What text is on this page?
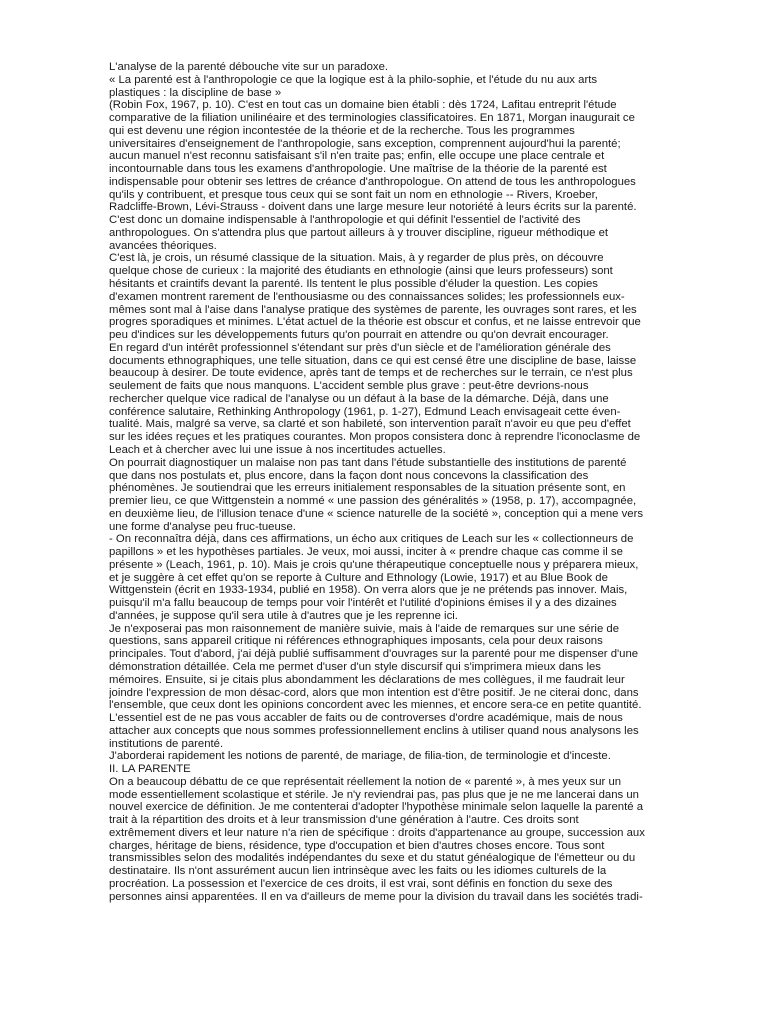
L'analyse de la parenté débouche vite sur un paradoxe.
« La parenté est à l'anthropologie ce que la logique est à la philo-sophie, et l'étude du nu aux arts
plastiques : la discipline de base »
(Robin Fox, 1967, p. 10). C'est en tout cas un domaine bien établi : dès 1724, Lafitau entreprit l'étude
comparative de la filiation unilinéaire et des terminologies classificatoires. En 1871, Morgan inaugurait ce
qui est devenu une région incontestée de la théorie et de la recherche. Tous les programmes
universitaires d'enseignement de l'anthropologie, sans exception, comprennent aujourd'hui la parenté;
aucun manuel n'est reconnu satisfaisant s'il n'en traite pas; enfin, elle occupe une place centrale et
incontournable dans tous les examens d'anthropologie. Une maîtrise de la théorie de la parenté est
indispensable pour obtenir ses lettres de créance d'anthropologue. On attend de tous les anthropologues
qu'ils y contribuent, et presque tous ceux qui se sont fait un nom en ethnologie -- Rivers, Kroeber,
Radcliffe-Brown, Lévi-Strauss - doivent dans une large mesure leur notoriété à leurs écrits sur la parenté.
C'est donc un domaine indispensable à l'anthropologie et qui définit l'essentiel de l'activité des
anthropologues. On s'attendra plus que partout ailleurs à y trouver discipline, rigueur méthodique et
avancées théoriques.
C'est là, je crois, un résumé classique de la situation. Mais, à y regarder de plus près, on découvre
quelque chose de curieux : la majorité des étudiants en ethnologie (ainsi que leurs professeurs) sont
hésitants et craintifs devant la parenté. Ils tentent le plus possible d'éluder la question. Les copies
d'examen montrent rarement de l'enthousiasme ou des connaissances solides; les professionnels eux-
mêmes sont mal à l'aise dans l'analyse pratique des systèmes de parente, les ouvrages sont rares, et les
progres sporadiques et minimes. L'état actuel de la théorie est obscur et confus, et ne laisse entrevoir que
peu d'indices sur les développements futurs qu'on pourrait en attendre ou qu'on devrait encourager.
En regard d'un intérêt professionnel s'étendant sur près d'un siècle et de l'amélioration générale des
documents ethnographiques, une telle situation, dans ce qui est censé être une discipline de base, laisse
beaucoup à desirer. De toute evidence, après tant de temps et de recherches sur le terrain, ce n'est plus
seulement de faits que nous manquons. L'accident semble plus grave : peut-être devrions-nous
rechercher quelque vice radical de l'analyse ou un défaut à la base de la démarche. Déjà, dans une
conférence salutaire, Rethinking Anthropology (1961, p. 1-27), Edmund Leach envisageait cette éven-
tualité. Mais, malgré sa verve, sa clarté et son habileté, son intervention paraît n'avoir eu que peu d'effet
sur les idées reçues et les pratiques courantes. Mon propos consistera donc à reprendre l'iconoclasme de
Leach et à chercher avec lui une issue à nos incertitudes actuelles.
On pourrait diagnostiquer un malaise non pas tant dans l'étude substantielle des institutions de parenté
que dans nos postulats et, plus encore, dans la façon dont nous concevons la classification des
phénomènes. Je soutiendrai que les erreurs initialement responsables de la situation présente sont, en
premier lieu, ce que Wittgenstein a nommé « une passion des généralités » (1958, p. 17), accompagnée,
en deuxième lieu, de l'illusion tenace d'une « science naturelle de la société », conception qui a mene vers
une forme d'analyse peu fruc-tueuse.
- On reconnaîtra déjà, dans ces affirmations, un écho aux critiques de Leach sur les « collectionneurs de
papillons » et les hypothèses partiales. Je veux, moi aussi, inciter à « prendre chaque cas comme il se
présente » (Leach, 1961, p. 10). Mais je crois qu'une thérapeutique conceptuelle nous y préparera mieux,
et je suggère à cet effet qu'on se reporte à Culture and Ethnology (Lowie, 1917) et au Blue Book de
Wittgenstein (écrit en 1933-1934, publié en 1958). On verra alors que je ne prétends pas innover. Mais,
puisqu'il m'a fallu beaucoup de temps pour voir l'intérêt et l'utilité d'opinions émises il y a des dizaines
d'années, je suppose qu'il sera utile à d'autres que je les reprenne ici.
Je n'exposerai pas mon raisonnement de manière suivie, mais à l'aide de remarques sur une série de
questions, sans appareil critique ni références ethnographiques imposants, cela pour deux raisons
principales. Tout d'abord, j'ai déjà publié suffisamment d'ouvrages sur la parenté pour me dispenser d'une
démonstration détaillée. Cela me permet d'user d'un style discursif qui s'imprimera mieux dans les
mémoires. Ensuite, si je citais plus abondamment les déclarations de mes collègues, il me faudrait leur
joindre l'expression de mon désac-cord, alors que mon intention est d'être positif. Je ne citerai donc, dans
l'ensemble, que ceux dont les opinions concordent avec les miennes, et encore sera-ce en petite quantité.
L'essentiel est de ne pas vous accabler de faits ou de controverses d'ordre académique, mais de nous
attacher aux concepts que nous sommes professionnellement enclins à utiliser quand nous analysons les
institutions de parenté.
J'aborderai rapidement les notions de parenté, de mariage, de filia-tion, de terminologie et d'inceste.
II. LA PARENTE
On a beaucoup débattu de ce que représentait réellement la notion de « parenté », à mes yeux sur un
mode essentiellement scolastique et stérile. Je n'y reviendrai pas, pas plus que je ne me lancerai dans un
nouvel exercice de définition. Je me contenterai d'adopter l'hypothèse minimale selon laquelle la parenté a
trait à la répartition des droits et à leur transmission d'une génération à l'autre. Ces droits sont
extrêmement divers et leur nature n'a rien de spécifique : droits d'appartenance au groupe, succession aux
charges, héritage de biens, résidence, type d'occupation et bien d'autres choses encore. Tous sont
transmissibles selon des modalités indépendantes du sexe et du statut généalogique de l'émetteur ou du
destinataire. Ils n'ont assurément aucun lien intrinsèque avec les faits ou les idiomes culturels de la
procréation. La possession et l'exercice de ces droits, il est vrai, sont définis en fonction du sexe des
personnes ainsi apparentées. Il en va d'ailleurs de meme pour la division du travail dans les sociétés tradi-
